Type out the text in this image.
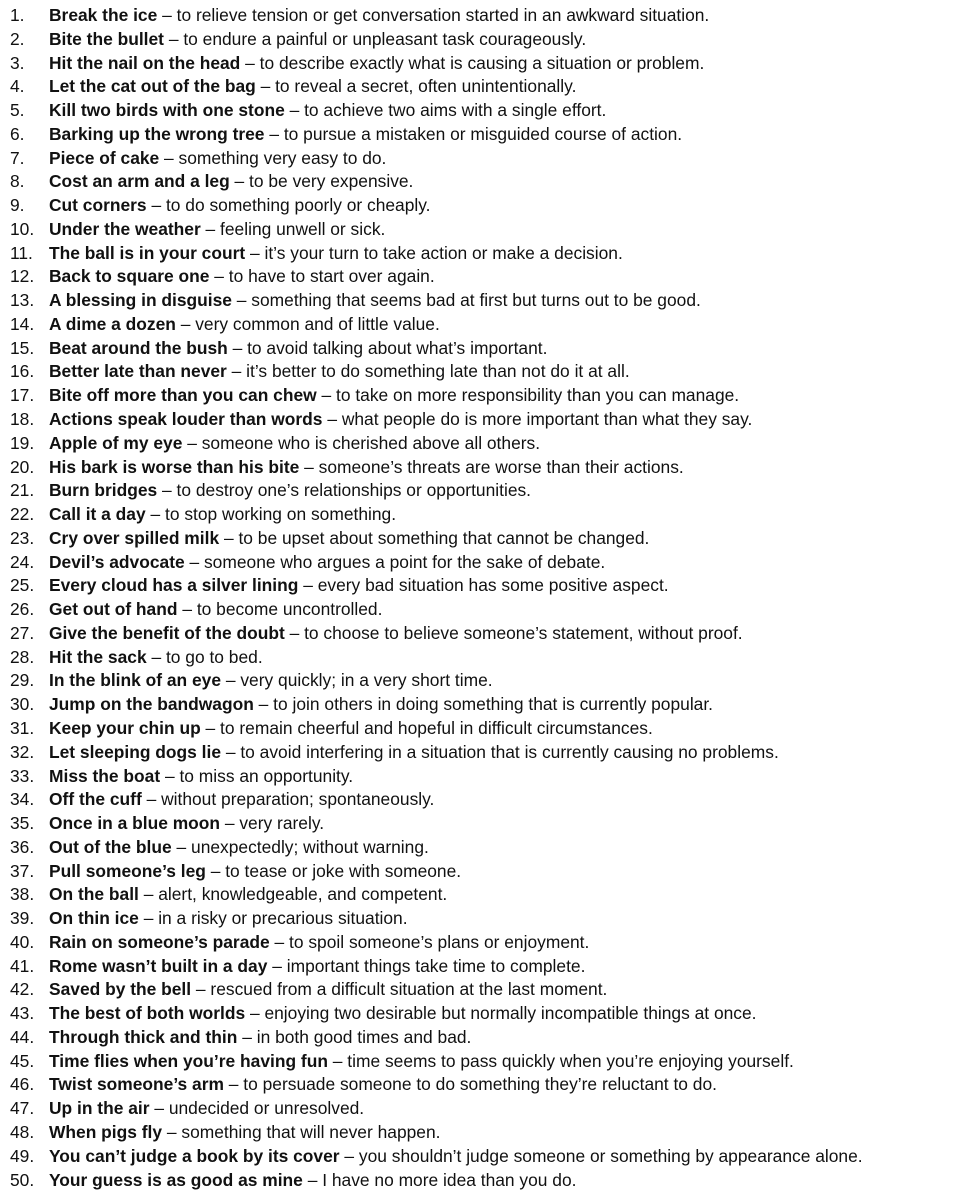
1. Break the ice – to relieve tension or get conversation started in an awkward situation.
2. Bite the bullet – to endure a painful or unpleasant task courageously.
3. Hit the nail on the head – to describe exactly what is causing a situation or problem.
4. Let the cat out of the bag – to reveal a secret, often unintentionally.
5. Kill two birds with one stone – to achieve two aims with a single effort.
6. Barking up the wrong tree – to pursue a mistaken or misguided course of action.
7. Piece of cake – something very easy to do.
8. Cost an arm and a leg – to be very expensive.
9. Cut corners – to do something poorly or cheaply.
10. Under the weather – feeling unwell or sick.
11. The ball is in your court – it’s your turn to take action or make a decision.
12. Back to square one – to have to start over again.
13. A blessing in disguise – something that seems bad at first but turns out to be good.
14. A dime a dozen – very common and of little value.
15. Beat around the bush – to avoid talking about what’s important.
16. Better late than never – it’s better to do something late than not do it at all.
17. Bite off more than you can chew – to take on more responsibility than you can manage.
18. Actions speak louder than words – what people do is more important than what they say.
19. Apple of my eye – someone who is cherished above all others.
20. His bark is worse than his bite – someone’s threats are worse than their actions.
21. Burn bridges – to destroy one’s relationships or opportunities.
22. Call it a day – to stop working on something.
23. Cry over spilled milk – to be upset about something that cannot be changed.
24. Devil’s advocate – someone who argues a point for the sake of debate.
25. Every cloud has a silver lining – every bad situation has some positive aspect.
26. Get out of hand – to become uncontrolled.
27. Give the benefit of the doubt – to choose to believe someone’s statement, without proof.
28. Hit the sack – to go to bed.
29. In the blink of an eye – very quickly; in a very short time.
30. Jump on the bandwagon – to join others in doing something that is currently popular.
31. Keep your chin up – to remain cheerful and hopeful in difficult circumstances.
32. Let sleeping dogs lie – to avoid interfering in a situation that is currently causing no problems.
33. Miss the boat – to miss an opportunity.
34. Off the cuff – without preparation; spontaneously.
35. Once in a blue moon – very rarely.
36. Out of the blue – unexpectedly; without warning.
37. Pull someone’s leg – to tease or joke with someone.
38. On the ball – alert, knowledgeable, and competent.
39. On thin ice – in a risky or precarious situation.
40. Rain on someone’s parade – to spoil someone’s plans or enjoyment.
41. Rome wasn’t built in a day – important things take time to complete.
42. Saved by the bell – rescued from a difficult situation at the last moment.
43. The best of both worlds – enjoying two desirable but normally incompatible things at once.
44. Through thick and thin – in both good times and bad.
45. Time flies when you’re having fun – time seems to pass quickly when you’re enjoying yourself.
46. Twist someone’s arm – to persuade someone to do something they’re reluctant to do.
47. Up in the air – undecided or unresolved.
48. When pigs fly – something that will never happen.
49. You can’t judge a book by its cover – you shouldn’t judge someone or something by appearance alone.
50. Your guess is as good as mine – I have no more idea than you do.
